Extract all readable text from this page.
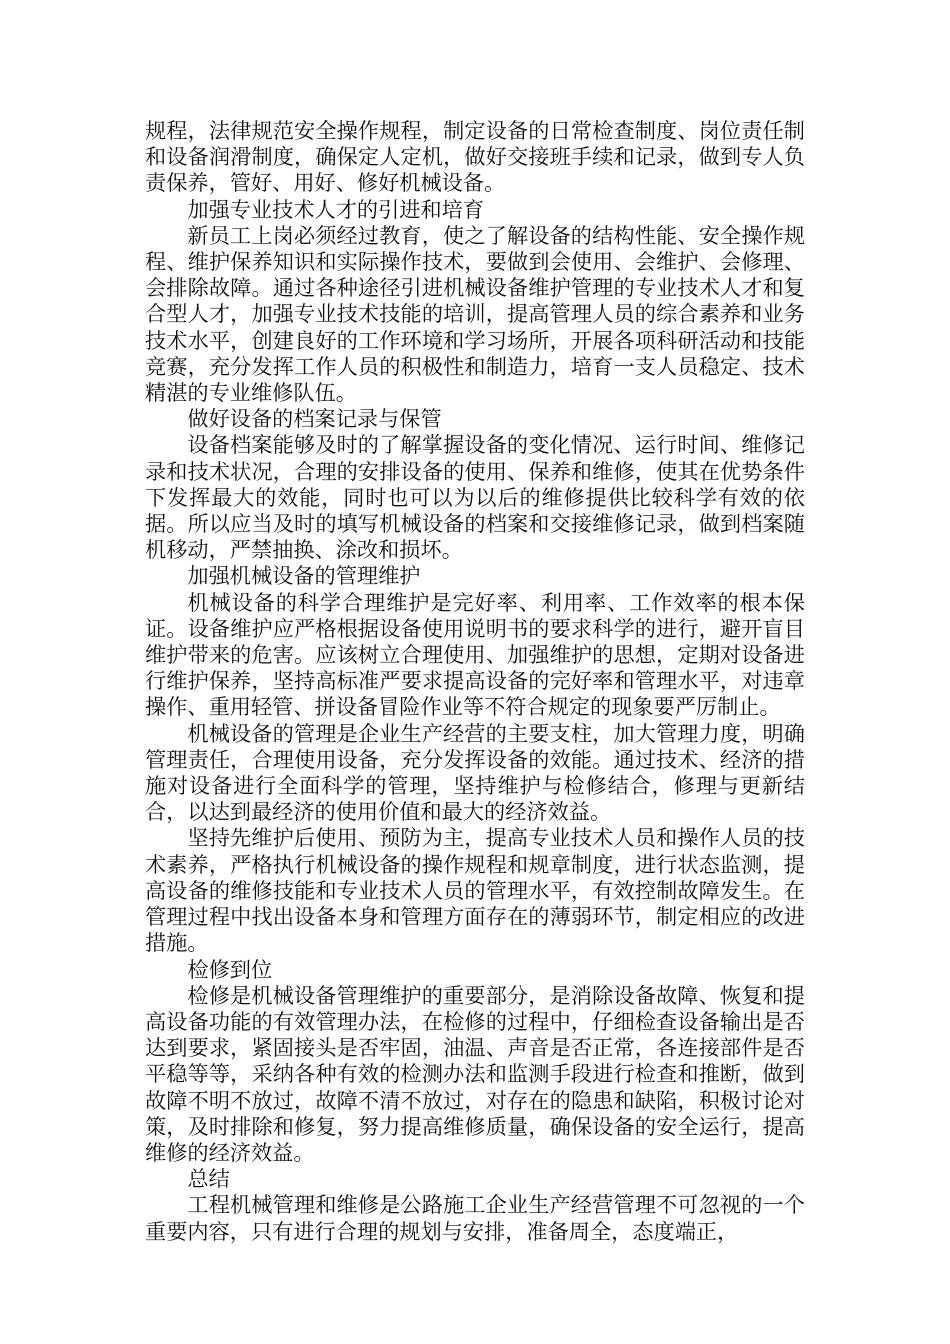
规程，法律规范安全操作规程，制定设备的日常检查制度、岗位责任制和设备润滑制度，确保定人定机，做好交接班手续和记录，做到专人负责保养，管好、用好、修好机械设备。

加强专业技术人才的引进和培育

新员工上岗必须经过教育，使之了解设备的结构性能、安全操作规程、维护保养知识和实际操作技术，要做到会使用、会维护、会修理、会排除故障。通过各种途径引进机械设备维护管理的专业技术人才和复合型人才，加强专业技术技能的培训，提高管理人员的综合素养和业务技术水平，创建良好的工作环境和学习场所，开展各项科研活动和技能竞赛，充分发挥工作人员的积极性和制造力，培育一支人员稳定、技术精湛的专业维修队伍。

做好设备的档案记录与保管

设备档案能够及时的了解掌握设备的变化情况、运行时间、维修记录和技术状况，合理的安排设备的使用、保养和维修，使其在优势条件下发挥最大的效能，同时也可以为以后的维修提供比较科学有效的依据。所以应当及时的填写机械设备的档案和交接维修记录，做到档案随机移动，严禁抽换、涂改和损坏。

加强机械设备的管理维护

机械设备的科学合理维护是完好率、利用率、工作效率的根本保证。设备维护应严格根据设备使用说明书的要求科学的进行，避开盲目维护带来的危害。应该树立合理使用、加强维护的思想，定期对设备进行维护保养，坚持高标准严要求提高设备的完好率和管理水平，对违章操作、重用轻管、拼设备冒险作业等不符合规定的现象要严厉制止。

机械设备的管理是企业生产经营的主要支柱，加大管理力度，明确管理责任，合理使用设备，充分发挥设备的效能。通过技术、经济的措施对设备进行全面科学的管理，坚持维护与检修结合，修理与更新结合，以达到最经济的使用价值和最大的经济效益。

坚持先维护后使用、预防为主，提高专业技术人员和操作人员的技术素养，严格执行机械设备的操作规程和规章制度，进行状态监测，提高设备的维修技能和专业技术人员的管理水平，有效控制故障发生。在管理过程中找出设备本身和管理方面存在的薄弱环节，制定相应的改进措施。

检修到位

检修是机械设备管理维护的重要部分，是消除设备故障、恢复和提高设备功能的有效管理办法，在检修的过程中，仔细检查设备输出是否达到要求，紧固接头是否牢固，油温、声音是否正常，各连接部件是否平稳等等，采纳各种有效的检测办法和监测手段进行检查和推断，做到故障不明不放过，故障不清不放过，对存在的隐患和缺陷，积极讨论对策，及时排除和修复，努力提高维修质量，确保设备的安全运行，提高维修的经济效益。

总结

工程机械管理和维修是公路施工企业生产经营管理不可忽视的一个重要内容，只有进行合理的规划与安排，准备周全，态度端正，
